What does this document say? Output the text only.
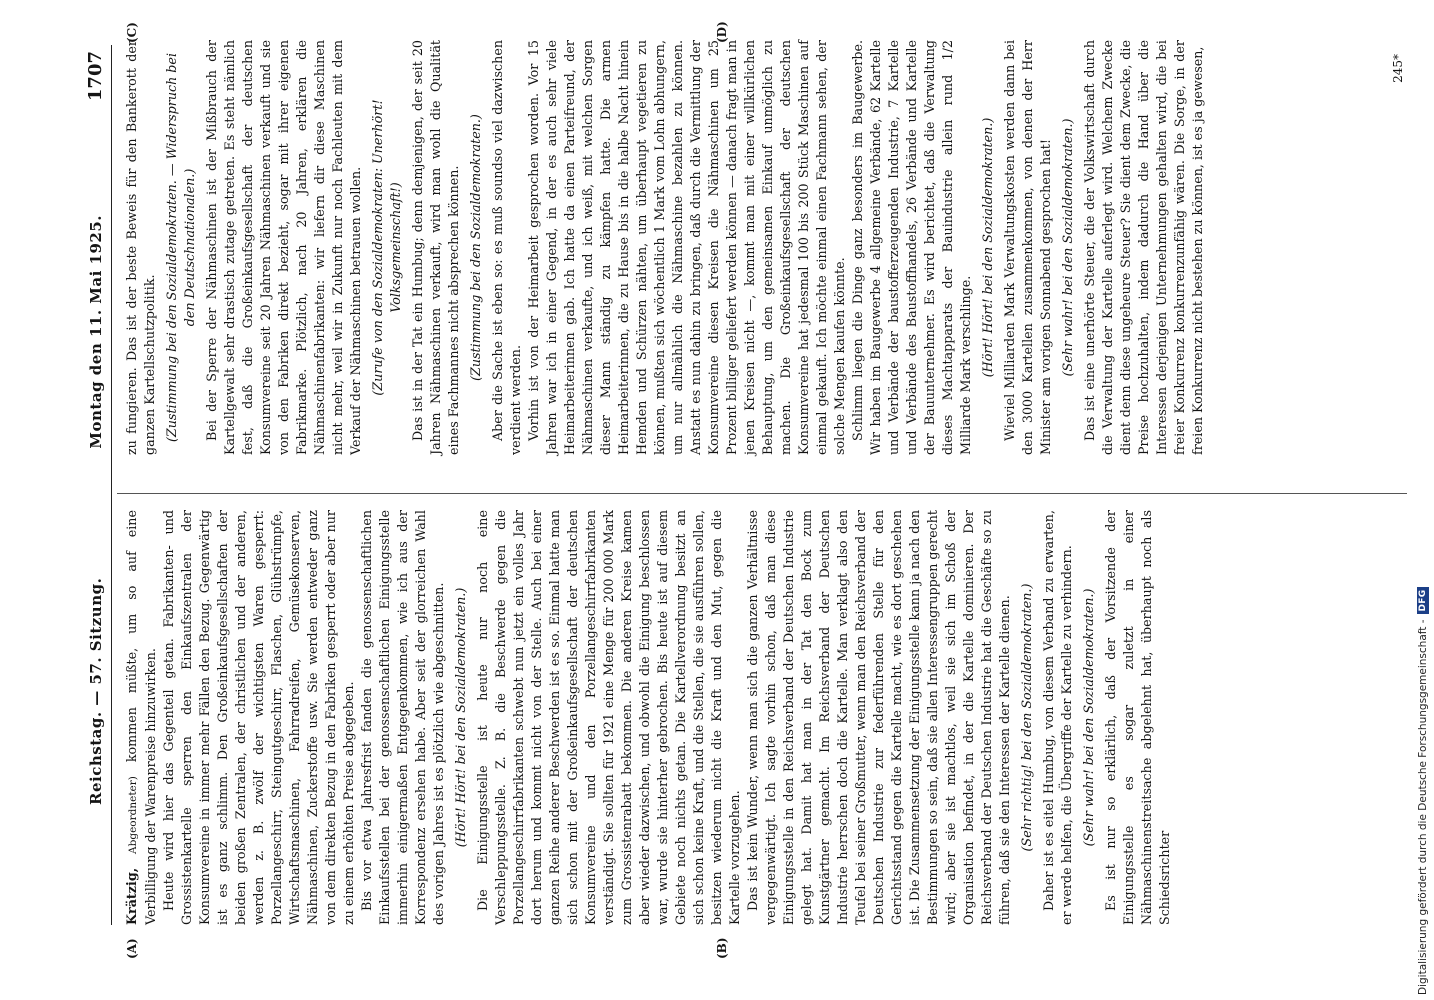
Reichstag. — 57. Sitzung.
Montag den 11. Mai 1925.
1707
(A)	(B)
(C)	(D)

Krätzig, Abgeordneter) kommen müßte, um so auf eine Verbilligung der Warenpreise hinzuwirken. Heute wird hier das Gegenteil getan. Fabrikanten- und Grossistenkartelle sperren den Einkaufszentralen der Konsumvereine in immer mehr Fällen den Bezug. Gegenwärtig ist es ganz schlimm. Den Großeinkaufsgesellschaften der beiden großen Zentralen, der christlichen und der anderen, werden z. B. zwölf der wichtigsten Waren gesperrt: Porzellangeschirr, Steingutgeschirr, Flaschen, Glühstrümpfe, Wirtschaftsmaschinen, Fahrradreifen, Gemüsekonserven, Nähmaschinen, Zuckerstoffe usw. Sie werden entweder ganz von dem direkten Bezug in den Fabriken gesperrt oder aber nur zu einem erhöhten Preise abgegeben. Bis vor etwa Jahresfrist fanden die genossenschaftlichen Einkaufsstellen bei der genossenschaftlichen Einigungsstelle immerhin einigermaßen Entgegenkommen, wie ich aus der Korrespondenz ersehen habe. Aber seit der glorreichen Wahl des vorigen Jahres ist es plötzlich wie abgeschnitten. (Hört! Hört! bei den Sozialdemokraten.) Die Einigungsstelle ist heute nur noch eine Verschleppungsstelle. Z. B. die Beschwerde gegen die Porzellangeschirrfabrikanten schwebt nun jetzt ein volles Jahr dort herum und kommt nicht von der Stelle. Auch bei einer ganzen Reihe anderer Beschwerden ist es so. Einmal hatte man sich schon mit der Großeinkaufsgesellschaft der deutschen Konsumvereine und den Porzellangeschirrfabrikanten verständigt. Sie sollten für 1921 eine Menge für 200 000 Mark zum Grossistenrabatt bekommen. Die anderen Kreise kamen aber wieder dazwischen, und obwohl die Einigung beschlossen war, wurde sie hinterher gebrochen. Bis heute ist auf diesem Gebiete noch nichts getan. Die Kartellverordnung besitzt an sich schon keine Kraft, und die Stellen, die sie ausführen sollen, besitzen wiederum nicht die Kraft und den Mut, gegen die Kartelle vorzugehen. Das ist kein Wunder, wenn man sich die ganzen Verhältnisse vergegenwärtigt. Ich sagte vorhin schon, daß man diese Einigungsstelle in den Reichsverband der Deutschen Industrie gelegt hat. Damit hat man in der Tat den Bock zum Kunstgärtner gemacht. Im Reichsverband der Deutschen Industrie herrschen doch die Kartelle. Man verklagt also den Teufel bei seiner Großmutter, wenn man den Reichsverband der Deutschen Industrie zur federführenden Stelle für den Gerichtsstand gegen die Kartelle macht, wie es dort geschehen ist. Die Zusammensetzung der Einigungsstelle kann ja nach den Bestimmungen so sein, daß sie allen Interessengruppen gerecht wird; aber sie ist machtlos, weil sie sich im Schoß der Organisation befindet, in der die Kartelle dominieren. Der Reichsverband der Deutschen Industrie hat die Geschäfte so zu führen, daß sie den Interessen der Kartelle dienen. (Sehr richtig! bei den Sozialdemokraten.) Daher ist es eitel Humbug, von diesem Verband zu erwarten, er werde helfen, die Übergriffe der Kartelle zu verhindern. (Sehr wahr! bei den Sozialdemokraten.) Es ist nur so erklärlich, daß der Vorsitzende der Einigungsstelle es sogar zuletzt in einer Nähmaschinenstreitsache abgelehnt hat, überhaupt noch als Schiedsrichter

zu fungieren. Das ist der beste Beweis für den Bankerott der ganzen Kartellschutzpolitik. (Zustimmung bei den Sozialdemokraten. — Widerspruch bei den Deutschnationalen.) Bei der Sperre der Nähmaschinen ist der Mißbrauch der Kartellgewalt sehr drastisch zutage getreten. Es steht nämlich fest, daß die Großeinkaufsgesellschaft der deutschen Konsumvereine seit 20 Jahren Nähmaschinen verkauft und sie von den Fabriken direkt bezieht, sogar mit ihrer eigenen Fabrikmarke. Plötzlich, nach 20 Jahren, erklären die Nähmaschinenfabrikanten: wir liefern dir diese Maschinen nicht mehr, weil wir in Zukunft nur noch Fachleuten mit dem Verkauf der Nähmaschinen betrauen wollen. (Zurufe von den Sozialdemokraten: Unerhört! Volksgemeinschaft!) Das ist in der Tat ein Humbug; denn demjenigen, der seit 20 Jahren Nähmaschinen verkauft, wird man wohl die Qualität eines Fachmannes nicht absprechen können. (Zustimmung bei den Sozialdemokraten.) Aber die Sache ist eben so: es muß soundso viel dazwischen verdient werden. Vorhin ist von der Heimarbeit gesprochen worden. Vor 15 Jahren war ich in einer Gegend, in der es auch sehr viele Heimarbeiterinnen gab. Ich hatte da einen Parteifreund, der Nähmaschinen verkaufte, und ich weiß, mit welchen Sorgen dieser Mann ständig zu kämpfen hatte. Die armen Heimarbeiterinnen, die zu Hause bis in die halbe Nacht hinein Hemden und Schürzen nähten, um überhaupt vegetieren zu können, mußten sich wöchentlich 1 Mark vom Lohn abhungern, um nur allmählich die Nähmaschine bezahlen zu können. Anstatt es nun dahin zu bringen, daß durch die Vermittlung der Konsumvereine diesen Kreisen die Nähmaschinen um 25 Prozent billiger geliefert werden können — danach fragt man in jenen Kreisen nicht —, kommt man mit einer willkürlichen Behauptung, um den gemeinsamen Einkauf unmöglich zu machen. Die Großeinkaufsgesellschaft der deutschen Konsumvereine hat jedesmal 100 bis 200 Stück Maschinen auf einmal gekauft. Ich möchte einmal einen Fachmann sehen, der solche Mengen kaufen könnte. Schlimm liegen die Dinge ganz besonders im Baugewerbe. Wir haben im Baugewerbe 4 allgemeine Verbände, 62 Kartelle und Verbände der baustofferzeugenden Industrie, 7 Kartelle und Verbände des Baustoffhandels, 26 Verbände und Kartelle der Bauunternehmer. Es wird berichtet, daß die Verwaltung dieses Machtapparats der Bauindustrie allein rund 1/2 Milliarde Mark verschlinge. (Hört! Hört! bei den Sozialdemokraten.) Wieviel Milliarden Mark Verwaltungskosten werden dann bei den 3000 Kartellen zusammenkommen, von denen der Herr Minister am vorigen Sonnabend gesprochen hat! (Sehr wahr! bei den Sozialdemokraten.) Das ist eine unerhörte Steuer, die der Volkswirtschaft durch die Verwaltung der Kartelle auferlegt wird. Welchem Zwecke dient denn diese ungeheure Steuer? Sie dient dem Zwecke, die Preise hochzuhalten, indem dadurch die Hand über die Interessen derjenigen Unternehmungen gehalten wird, die bei freier Konkurrenz konkurrenzunfähig wären. Die Sorge, in der freien Konkurrenz nicht bestehen zu können, ist es ja gewesen,	245*
Digitalisierung gefördert durch die Deutsche Forschungsgemeinschaft -
DFG
